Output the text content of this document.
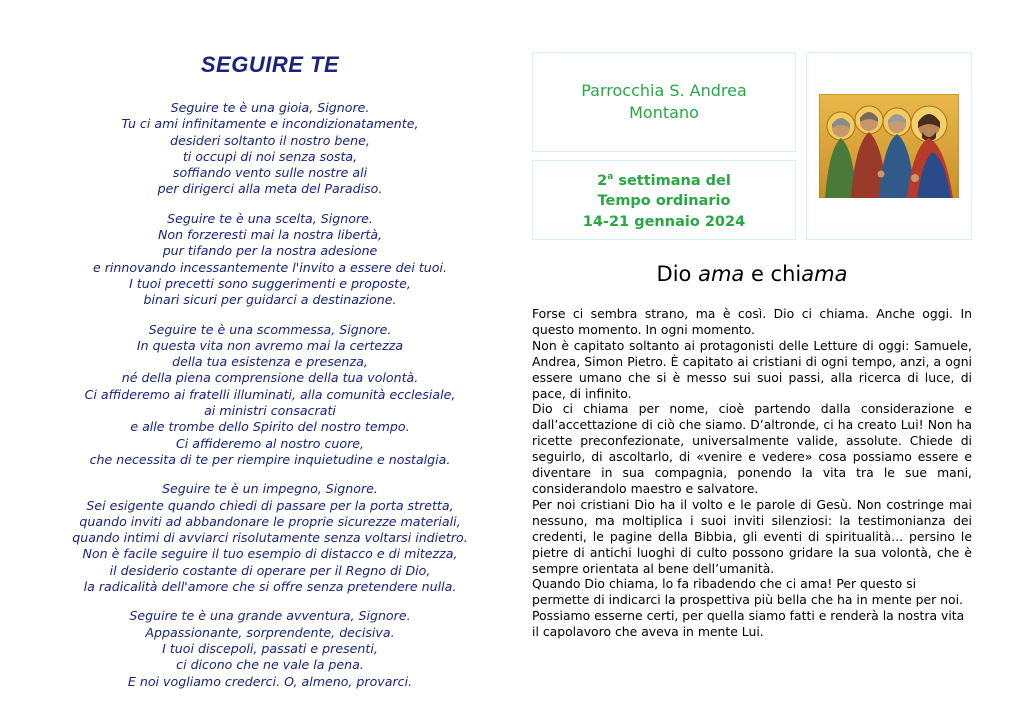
SEGUIRE TE
Seguire te è una gioia, Signore.
Tu ci ami infinitamente e incondizionatamente,
desideri soltanto il nostro bene,
ti occupi di noi senza sosta,
soffiando vento sulle nostre ali
per dirigerci alla meta del Paradiso.
Seguire te è una scelta, Signore.
Non forzeresti mai la nostra libertà,
pur tifando per la nostra adesione
e rinnovando incessantemente l'invito a essere dei tuoi.
I tuoi precetti sono suggerimenti e proposte,
binari sicuri per guidarci a destinazione.
Seguire te è una scommessa, Signore.
In questa vita non avremo mai la certezza
della tua esistenza e presenza,
né della piena comprensione della tua volontà.
Ci affideremo ai fratelli illuminati, alla comunità ecclesiale,
ai ministri consacrati
e alle trombe dello Spirito del nostro tempo.
Ci affideremo al nostro cuore,
che necessita di te per riempire inquietudine e nostalgia.
Seguire te è un impegno, Signore.
Sei esigente quando chiedi di passare per la porta stretta,
quando inviti ad abbandonare le proprie sicurezze materiali,
quando intimi di avviarci risolutamente senza voltarsi indietro.
Non è facile seguire il tuo esempio di distacco e di mitezza,
il desiderio costante di operare per il Regno di Dio,
la radicalità dell'amore che si offre senza pretendere nulla.
Seguire te è una grande avventura, Signore.
Appassionante, sorprendente, decisiva.
I tuoi discepoli, passati e presenti,
ci dicono che ne vale la pena.
E noi vogliamo crederci. O, almeno, provarci.
Parrocchia S. Andrea
Montano
2$^a$ settimana del
Tempo ordinario
14-21 gennaio 2024
Dio ama e chiama

Forse ci sembra strano, ma è così. Dio ci chiama. Anche oggi. In questo momento. In ogni momento.

Non è capitato soltanto ai protagonisti delle Letture di oggi: Samuele, Andrea, Simon Pietro. È capitato ai cristiani di ogni tempo, anzi, a ogni essere umano che si è messo sui suoi passi, alla ricerca di luce, di pace, di infinito.

Dio ci chiama per nome, cioè partendo dalla considerazione e dall’accettazione di ciò che siamo. D’altronde, ci ha creato Lui! Non ha ricette preconfezionate, universalmente valide, assolute. Chiede di seguirlo, di ascoltarlo, di «venire e vedere» cosa possiamo essere e diventare in sua compagnia, ponendo la vita tra le sue mani, considerandolo maestro e salvatore.

Per noi cristiani Dio ha il volto e le parole di Gesù. Non costringe mai nessuno, ma moltiplica i suoi inviti silenziosi: la testimonianza dei credenti, le pagine della Bibbia, gli eventi di spiritualità... persino le pietre di antichi luoghi di culto possono gridare la sua volontà, che è sempre orientata al bene dell’umanità.

Quando Dio chiama, lo fa ribadendo che ci ama! Per questo si permette di indicarci la prospettiva più bella che ha in mente per noi. Possiamo esserne certi, per quella siamo fatti e renderà la nostra vita il capolavoro che aveva in mente Lui.
